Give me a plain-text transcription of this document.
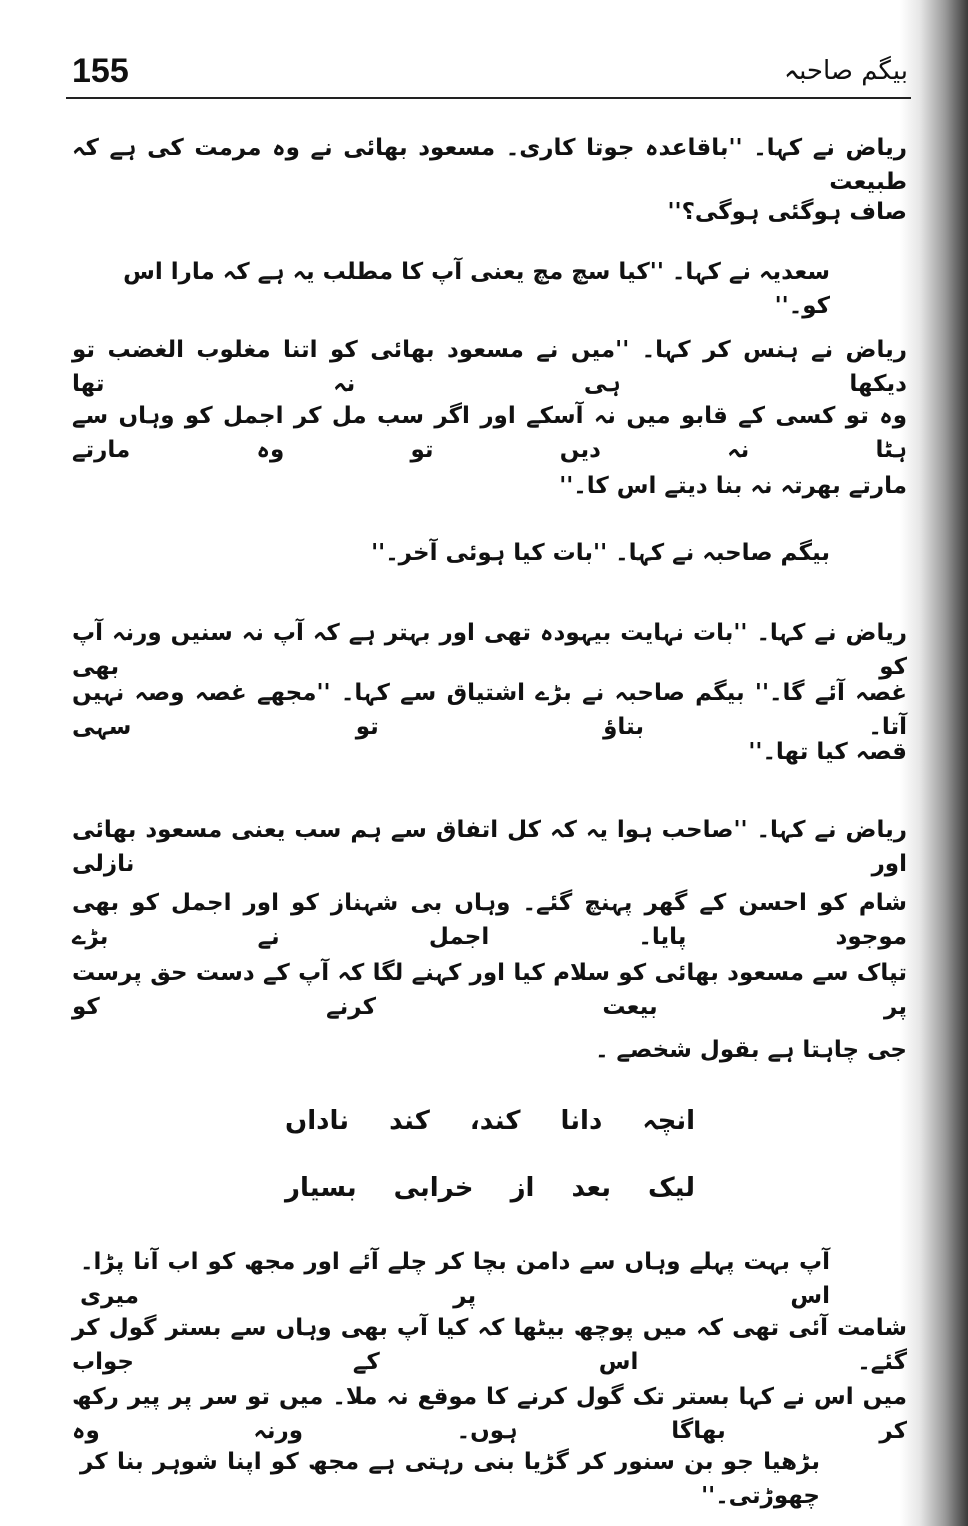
155	بیگم صاحبہ
ریاض نے کہا۔ ''باقاعدہ جوتا کاری۔ مسعود بھائی نے وہ مرمت کی ہے کہ طبیعت
صاف ہوگئی ہوگی؟''
سعدیہ نے کہا۔ ''کیا سچ مچ یعنی آپ کا مطلب یہ ہے کہ مارا اس کو۔''
ریاض نے ہنس کر کہا۔ ''میں نے مسعود بھائی کو اتنا مغلوب الغضب تو دیکھا ہی نہ تھا
وہ تو کسی کے قابو میں نہ آسکے اور اگر سب مل کر اجمل کو وہاں سے ہٹا نہ دیں تو وہ مارتے
مارتے بھرتہ نہ بنا دیتے اس کا۔''
بیگم صاحبہ نے کہا۔ ''بات کیا ہوئی آخر۔''
ریاض نے کہا۔ ''بات نہایت بیہودہ تھی اور بہتر ہے کہ آپ نہ سنیں ورنہ آپ کو بھی
غصہ آئے گا۔'' بیگم صاحبہ نے بڑے اشتیاق سے کہا۔ ''مجھے غصہ وصہ نہیں آتا۔ بتاؤ تو سہی
قصہ کیا تھا۔''
ریاض نے کہا۔ ''صاحب ہوا یہ کہ کل اتفاق سے ہم سب یعنی مسعود بھائی اور نازلی
شام کو احسن کے گھر پہنچ گئے۔ وہاں بی شہناز کو اور اجمل کو بھی موجود پایا۔ اجمل نے بڑے
تپاک سے مسعود بھائی کو سلام کیا اور کہنے لگا کہ آپ کے دست حق پرست پر بیعت کرنے کو
جی چاہتا ہے بقول شخصے ۔
انچہ
دانا
کند،
کند
ناداں
لیک
بعد
از
خرابی
بسیار
آپ بہت پہلے وہاں سے دامن بچا کر چلے آئے اور مجھ کو اب آنا پڑا۔ اس پر میری
شامت آئی تھی کہ میں پوچھ بیٹھا کہ کیا آپ بھی وہاں سے بستر گول کر گئے۔ اس کے جواب
میں اس نے کہا بستر تک گول کرنے کا موقع نہ ملا۔ میں تو سر پر پیر رکھ کر بھاگا ہوں۔ ورنہ وہ
بڑھیا جو بن سنور کر گڑیا بنی رہتی ہے مجھ کو اپنا شوہر بنا کر چھوڑتی۔''
